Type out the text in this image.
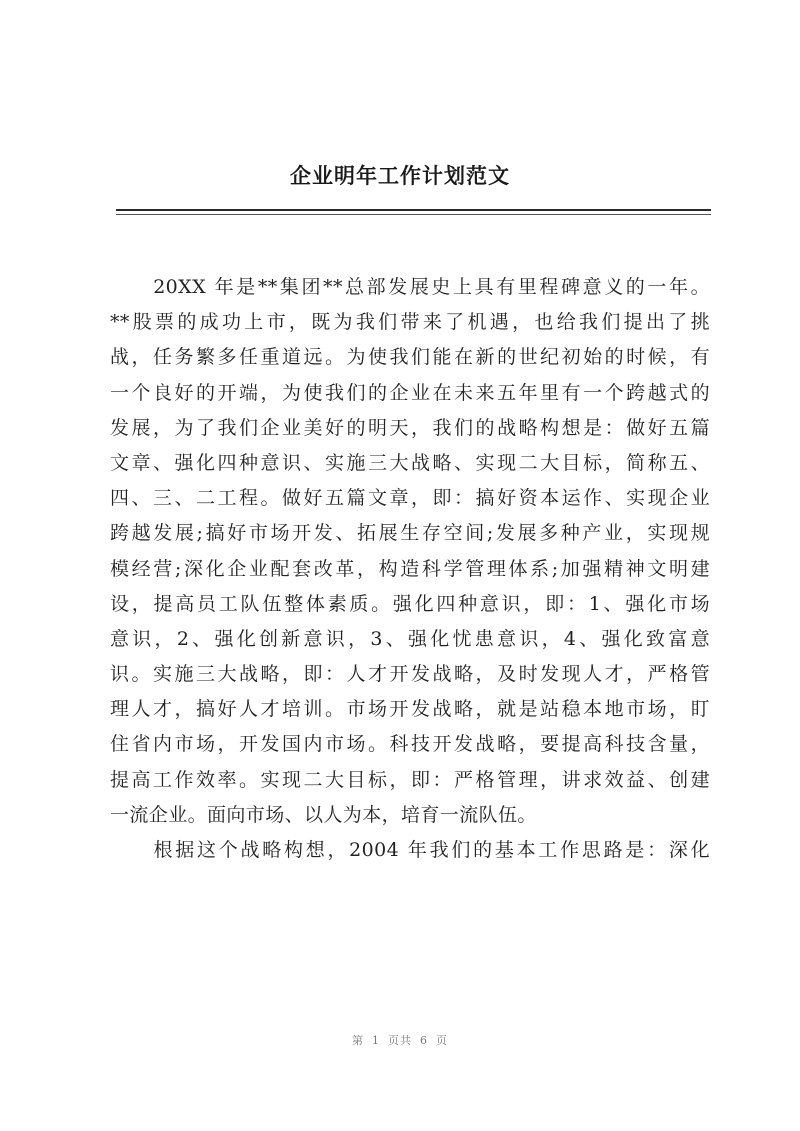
企业明年工作计划范文
　　20XX 年是**集团**总部发展史上具有里程碑意义的一年。
**股票的成功上市，既为我们带来了机遇，也给我们提出了挑
战，任务繁多任重道远。为使我们能在新的世纪初始的时候，有
一个良好的开端，为使我们的企业在未来五年里有一个跨越式的
发展，为了我们企业美好的明天，我们的战略构想是：做好五篇
文章、强化四种意识、实施三大战略、实现二大目标，简称五、
四、三、二工程。做好五篇文章，即：搞好资本运作、实现企业
跨越发展;搞好市场开发、拓展生存空间;发展多种产业，实现规
模经营;深化企业配套改革，构造科学管理体系;加强精神文明建
设，提高员工队伍整体素质。强化四种意识，即：1、强化市场
意识，2、强化创新意识，3、强化忧患意识，4、强化致富意
识。实施三大战略，即：人才开发战略，及时发现人才，严格管
理人才，搞好人才培训。市场开发战略，就是站稳本地市场，盯
住省内市场，开发国内市场。科技开发战略，要提高科技含量，
提高工作效率。实现二大目标，即：严格管理，讲求效益、创建
一流企业。面向市场、以人为本，培育一流队伍。
　　根据这个战略构想，2004 年我们的基本工作思路是：深化
第 1 页共 6 页
